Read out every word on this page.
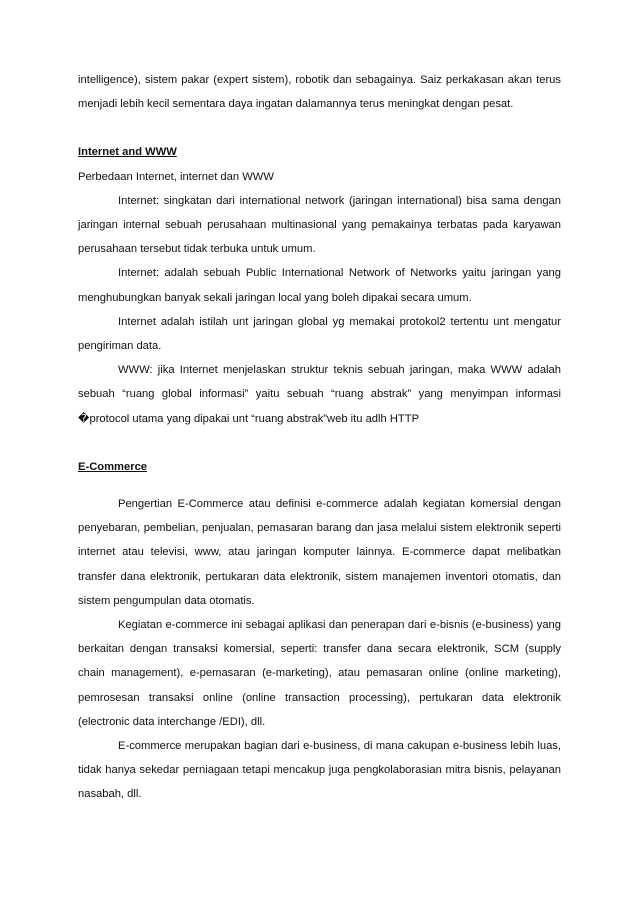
intelligence), sistem pakar (expert sistem), robotik dan sebagainya. Saiz perkakasan akan terus menjadi lebih kecil sementara daya ingatan dalamannya terus meningkat dengan pesat.

Internet and WWW

Perbedaan Internet, internet dan WWW

Internet: singkatan dari international network (jaringan international) bisa sama dengan jaringan internal sebuah perusahaan multinasional yang pemakainya terbatas pada karyawan perusahaan tersebut tidak terbuka untuk umum.

Internet: adalah sebuah Public International Network of Networks yaitu jaringan yang menghubungkan banyak sekali jaringan local yang boleh dipakai secara umum.

Internet adalah istilah unt jaringan global yg memakai protokol2 tertentu unt mengatur pengiriman data.

WWW: jika Internet menjelaskan struktur teknis sebuah jaringan, maka WWW adalah sebuah “ruang global informasi” yaitu sebuah “ruang abstrak” yang menyimpan informasi �protocol utama yang dipakai unt “ruang abstrak”web itu adlh HTTP

E-Commerce

Pengertian E-Commerce atau definisi e-commerce adalah kegiatan komersial dengan penyebaran, pembelian, penjualan, pemasaran barang dan jasa melalui sistem elektronik seperti internet atau televisi, www, atau jaringan komputer lainnya. E-commerce dapat melibatkan transfer dana elektronik, pertukaran data elektronik, sistem manajemen inventori otomatis, dan sistem pengumpulan data otomatis.

Kegiatan e-commerce ini sebagai aplikasi dan penerapan dari e-bisnis (e-business) yang berkaitan dengan transaksi komersial, seperti: transfer dana secara elektronik, SCM (supply chain management), e-pemasaran (e-marketing), atau pemasaran online (online marketing), pemrosesan transaksi online (online transaction processing), pertukaran data elektronik (electronic data interchange /EDI), dll.

E-commerce merupakan bagian dari e-business, di mana cakupan e-business lebih luas, tidak hanya sekedar perniagaan tetapi mencakup juga pengkolaborasian mitra bisnis, pelayanan nasabah, dll.
